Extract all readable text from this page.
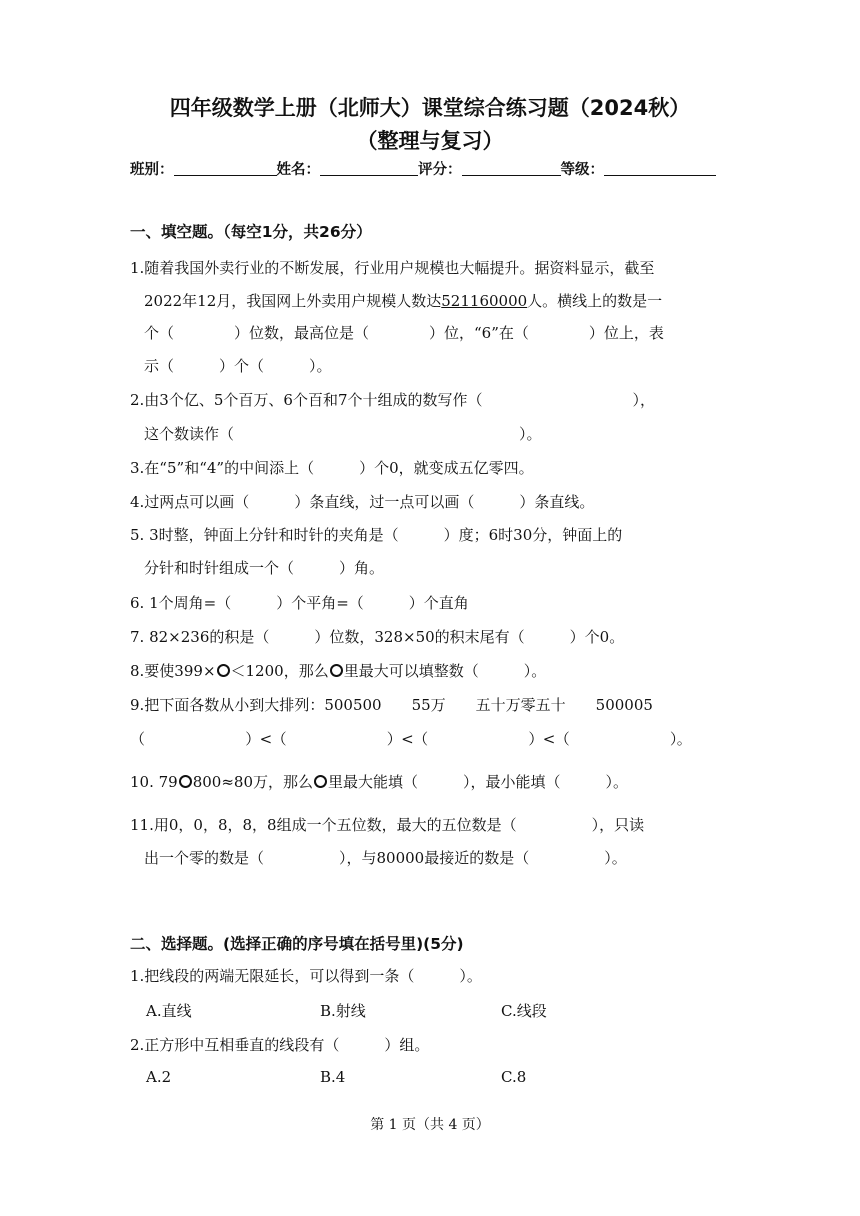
四年级数学上册（北师大）课堂综合练习题（2024秋）
（整理与复习）
班别：	姓名：	评分：	等级：
一、填空题。（每空1分，共26分）
1.随着我国外卖行业的不断发展，行业用户规模也大幅提升。据资料显示，截至
2022年12月，我国网上外卖用户规模人数达521160000人。横线上的数是一
个（　　　　）位数，最高位是（　　　　）位，“6”在（　　　　）位上，表
示（　　　）个（　　　）。
2.由3个亿、5个百万、6个百和7个十组成的数写作（　　　　　　　　　　），
这个数读作（　　　　　　　　　　　　　　　　　　　）。
3.在“5”和“4”的中间添上（　　　）个0，就变成五亿零四。
4.过两点可以画（　　　）条直线，过一点可以画（　　　）条直线。
5. 3时整，钟面上分针和时针的夹角是（　　　）度；6时30分，钟面上的
分针和时针组成一个（　　　）角。
6. 1个周角=（　　　）个平角=（　　　）个直角
7. 82×236的积是（　　　）位数，328×50的积末尾有（　　　）个0。
8.要使399× ＜1200，那么 里最大可以填整数（　　　）。
9.把下面各数从小到大排列：500500　　55万　　五十万零五十　　500005
（　　　　　　　）<（　　　　　　　）<（　　　　　　　）<（　　　　　　　）。
10. 79 800≈80万，那么 里最大能填（　　　），最小能填（　　　）。
11.用0，0，8，8，8组成一个五位数，最大的五位数是（　　　　　），只读
出一个零的数是（　　　　　），与80000最接近的数是（　　　　　）。
二、选择题。(选择正确的序号填在括号里)(5分)
1.把线段的两端无限延长，可以得到一条（　　　）。
A.直线	B.射线	C.线段
2.正方形中互相垂直的线段有（　　　）组。
A.2	B.4	C.8
第 1 页（共 4 页）
